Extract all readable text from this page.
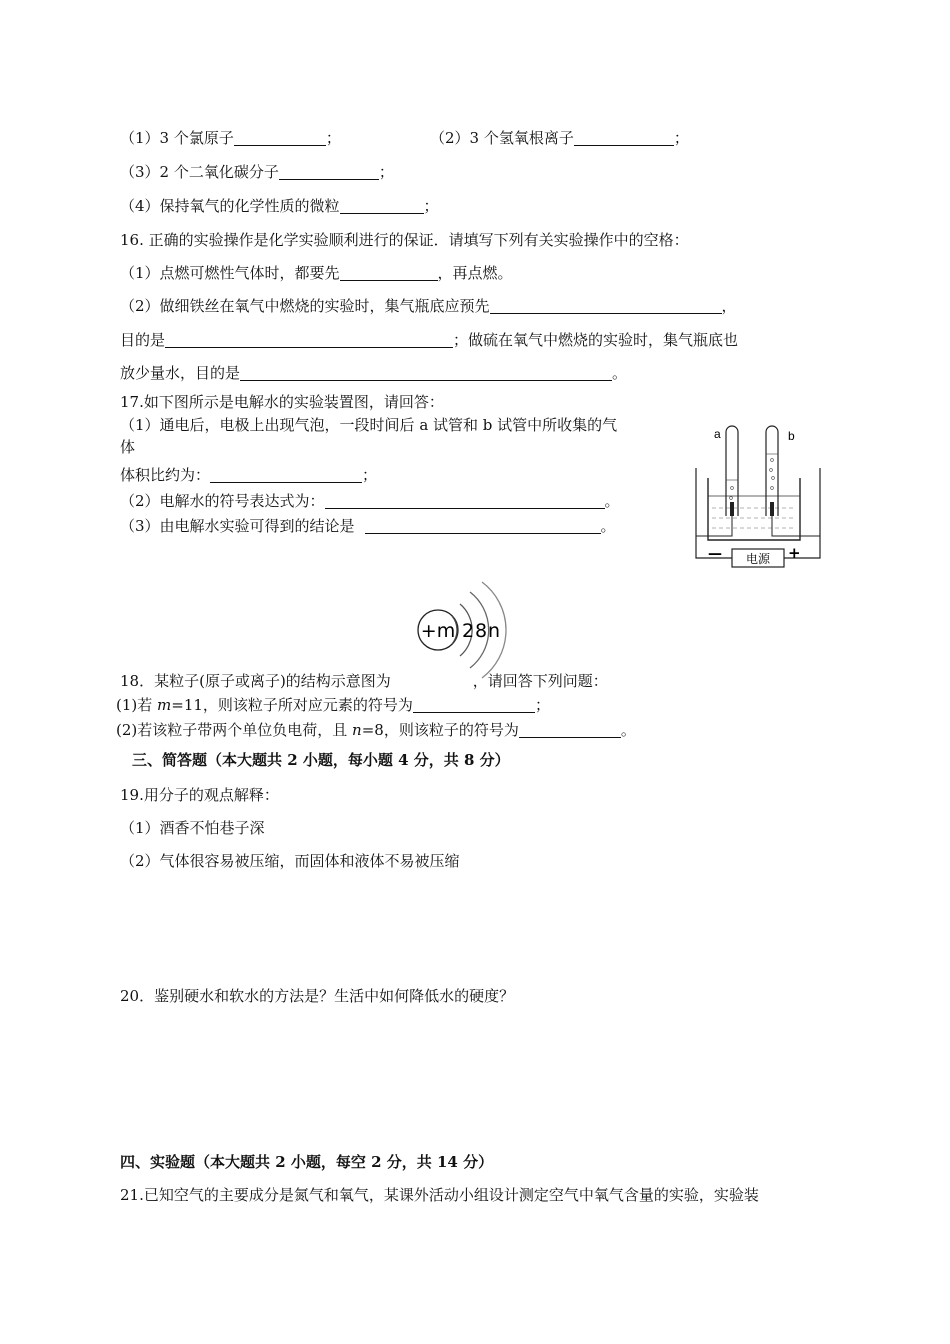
（1）3 个氯原子	；	（2）3 个氢氧根离子	；
（3）2 个二氧化碳分子	；
（4）保持氧气的化学性质的微粒	；
16. 正确的实验操作是化学实验顺利进行的保证．请填写下列有关实验操作中的空格：
（1）点燃可燃性气体时，都要先	，再点燃。
（2）做细铁丝在氧气中燃烧的实验时，集气瓶底应预先	，
目的是	；做硫在氧气中燃烧的实验时，集气瓶底也
放少量水，目的是	。
17.如下图所示是电解水的实验装置图，请回答：
（1）通电后，电极上出现气泡，一段时间后 a 试管和 b 试管中所收集的气
体
体积比约为：	；
（2）电解水的符号表达式为：	。
（3）由电解水实验可得到的结论是	。
a	b
电源
—	+
+m 2 8 n
18．某粒子(原子或离子)的结构示意图为	，请回答下列问题：
(1)若 m=11，则该粒子所对应元素的符号为	；
(2)若该粒子带两个单位负电荷，且 n=8，则该粒子的符号为	。
三、简答题（本大题共 2 小题，每小题 4 分，共 8 分）
19.用分子的观点解释：
（1）酒香不怕巷子深
（2）气体很容易被压缩，而固体和液体不易被压缩
20．鉴别硬水和软水的方法是？生活中如何降低水的硬度？
四、实验题（本大题共 2 小题，每空 2 分，共 14 分）
21.已知空气的主要成分是氮气和氧气，某课外活动小组设计测定空气中氧气含量的实验，实验装
